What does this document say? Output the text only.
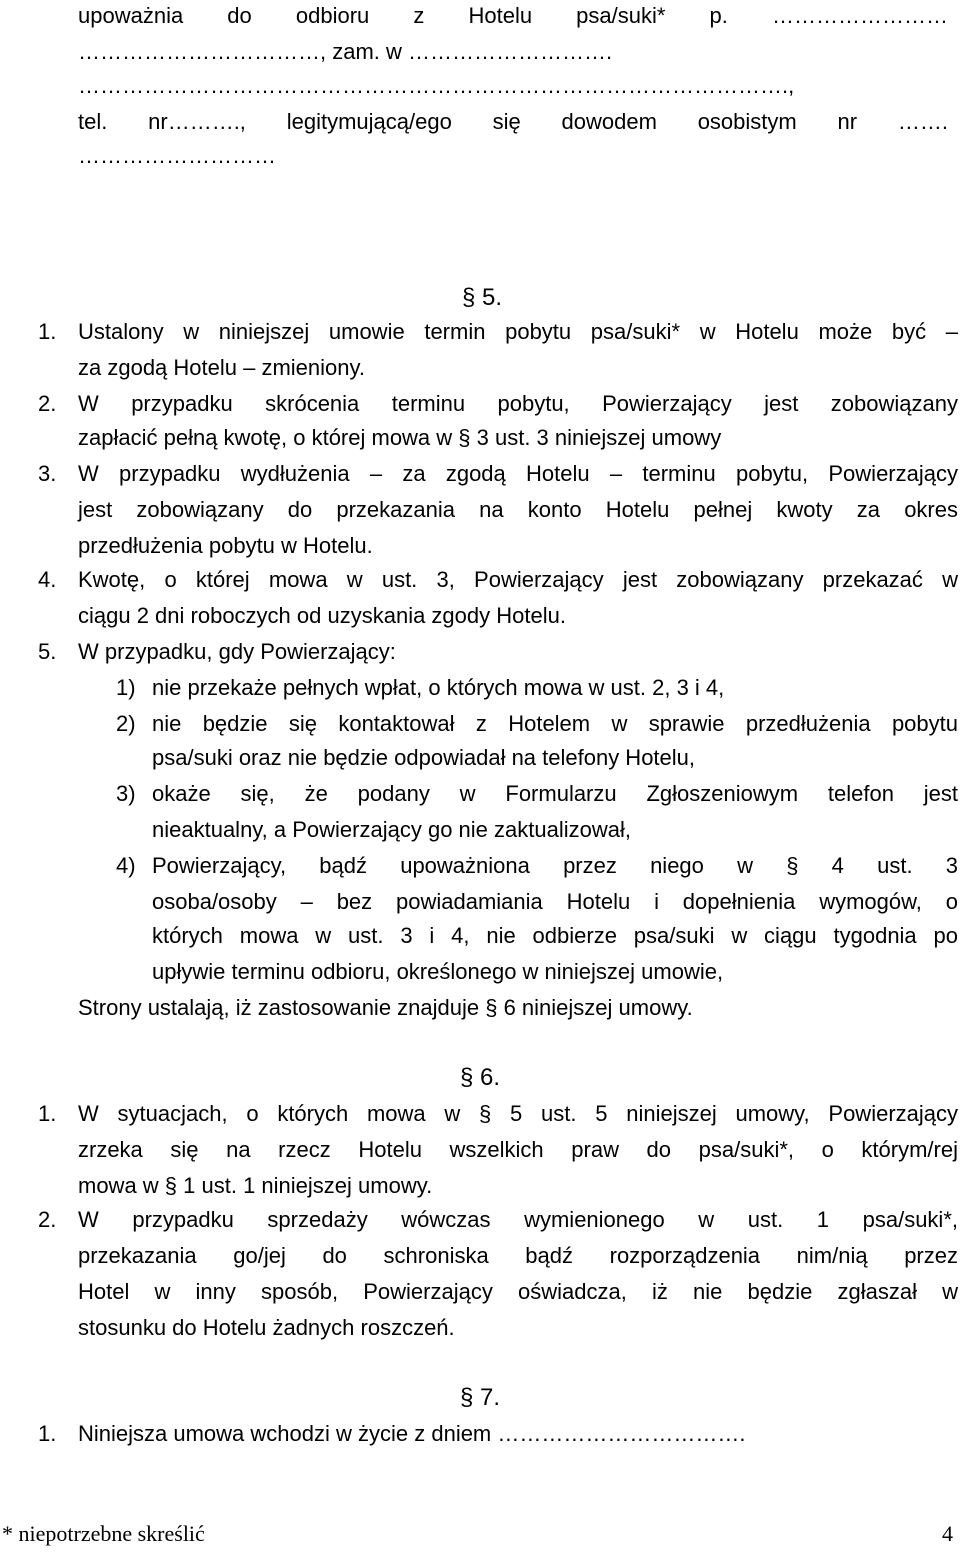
upoważnia do odbioru z Hotelu psa/suki* p. ……………………
……………………………, zam. w ……………………….
…………………………………………………………………………………….,
tel. nr………., legitymującą/ego się dowodem osobistym nr …….
………………………
§ 5.
1. Ustalony w niniejszej umowie termin pobytu psa/suki* w Hotelu może być –
za zgodą Hotelu – zmieniony.
2. W przypadku skrócenia terminu pobytu, Powierzający jest zobowiązany
zapłacić pełną kwotę, o której mowa w § 3 ust. 3 niniejszej umowy
3. W przypadku wydłużenia – za zgodą Hotelu – terminu pobytu, Powierzający
jest zobowiązany do przekazania na konto Hotelu pełnej kwoty za okres
przedłużenia pobytu w Hotelu.
4. Kwotę, o której mowa w ust. 3, Powierzający jest zobowiązany przekazać w
ciągu 2 dni roboczych od uzyskania zgody Hotelu.
5. W przypadku, gdy Powierzający:
1) nie przekaże pełnych wpłat, o których mowa w ust. 2, 3 i 4,
2) nie będzie się kontaktował z Hotelem w sprawie przedłużenia pobytu
psa/suki oraz nie będzie odpowiadał na telefony Hotelu,
3) okaże się, że podany w Formularzu Zgłoszeniowym telefon jest
nieaktualny, a Powierzający go nie zaktualizował,
4) Powierzający, bądź upoważniona przez niego w § 4 ust. 3
osoba/osoby – bez powiadamiania Hotelu i dopełnienia wymogów, o
których mowa w ust. 3 i 4, nie odbierze psa/suki w ciągu tygodnia po
upływie terminu odbioru, określonego w niniejszej umowie,
Strony ustalają, iż zastosowanie znajduje § 6 niniejszej umowy.
§ 6.
1. W sytuacjach, o których mowa w § 5 ust. 5 niniejszej umowy, Powierzający
zrzeka się na rzecz Hotelu wszelkich praw do psa/suki*, o którym/rej
mowa w § 1 ust. 1 niniejszej umowy.
2. W przypadku sprzedaży wówczas wymienionego w ust. 1 psa/suki*,
przekazania go/jej do schroniska bądź rozporządzenia nim/nią przez
Hotel w inny sposób, Powierzający oświadcza, iż nie będzie zgłaszał w
stosunku do Hotelu żadnych roszczeń.
§ 7.
1. Niniejsza umowa wchodzi w życie z dniem …………………………….
* niepotrzebne skreślić	4
